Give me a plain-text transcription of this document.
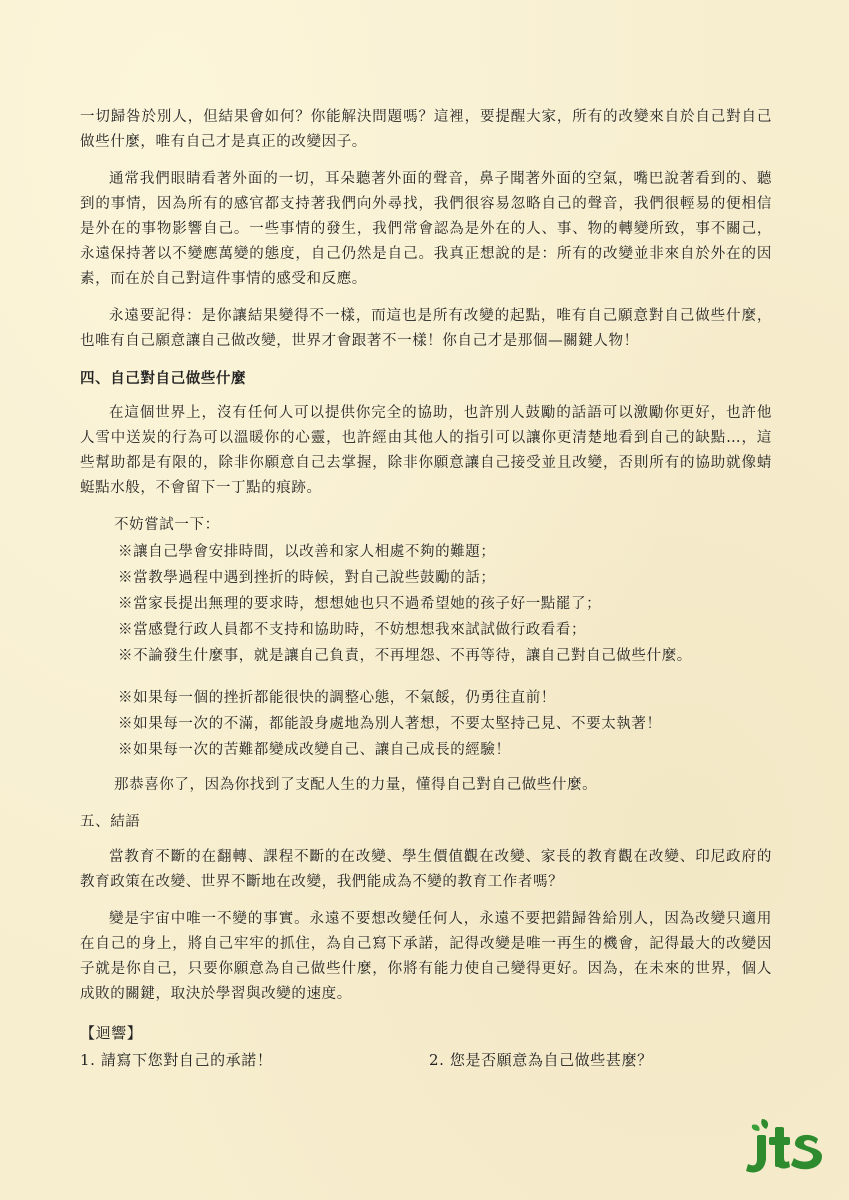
一切歸咎於別人，但結果會如何？你能解決問題嗎？這裡，要提醒大家，所有的改變來自於自己對自己做些什麼，唯有自己才是真正的改變因子。

通常我們眼睛看著外面的一切，耳朵聽著外面的聲音，鼻子聞著外面的空氣，嘴巴說著看到的、聽到的事情，因為所有的感官都支持著我們向外尋找，我們很容易忽略自己的聲音，我們很輕易的便相信是外在的事物影響自己。一些事情的發生，我們常會認為是外在的人、事、物的轉變所致，事不關己，永遠保持著以不變應萬變的態度，自己仍然是自己。我真正想說的是：所有的改變並非來自於外在的因素，而在於自己對這件事情的感受和反應。

永遠要記得：是你讓結果變得不一樣，而這也是所有改變的起點，唯有自己願意對自己做些什麼，也唯有自己願意讓自己做改變，世界才會跟著不一樣！你自己才是那個—關鍵人物！

四、自己對自己做些什麼

在這個世界上，沒有任何人可以提供你完全的協助，也許別人鼓勵的話語可以激勵你更好，也許他人雪中送炭的行為可以溫暖你的心靈，也許經由其他人的指引可以讓你更清楚地看到自己的缺點…，這些幫助都是有限的，除非你願意自己去掌握，除非你願意讓自己接受並且改變，否則所有的協助就像蜻蜓點水般，不會留下一丁點的痕跡。

不妨嘗試一下：

※讓自己學會安排時間，以改善和家人相處不夠的難題；

※當教學過程中遇到挫折的時候，對自己說些鼓勵的話；

※當家長提出無理的要求時，想想她也只不過希望她的孩子好一點罷了；

※當感覺行政人員都不支持和協助時，不妨想想我來試試做行政看看；

※不論發生什麼事，就是讓自己負責，不再埋怨、不再等待，讓自己對自己做些什麼。

※如果每一個的挫折都能很快的調整心態，不氣餒，仍勇往直前！

※如果每一次的不滿，都能設身處地為別人著想，不要太堅持己見、不要太執著！

※如果每一次的苦難都變成改變自己、讓自己成長的經驗！

那恭喜你了，因為你找到了支配人生的力量，懂得自己對自己做些什麼。

五、結語

當教育不斷的在翻轉、課程不斷的在改變、學生價值觀在改變、家長的教育觀在改變、印尼政府的教育政策在改變、世界不斷地在改變，我們能成為不變的教育工作者嗎？

變是宇宙中唯一不變的事實。永遠不要想改變任何人，永遠不要把錯歸咎給別人，因為改變只適用在自己的身上，將自己牢牢的抓住，為自己寫下承諾，記得改變是唯一再生的機會，記得最大的改變因子就是你自己，只要你願意為自己做些什麼，你將有能力使自己變得更好。因為，在未來的世界，個人成敗的關鍵，取決於學習與改變的速度。

【迴響】

1. 請寫下您對自己的承諾！	2. 您是否願意為自己做些甚麼？
